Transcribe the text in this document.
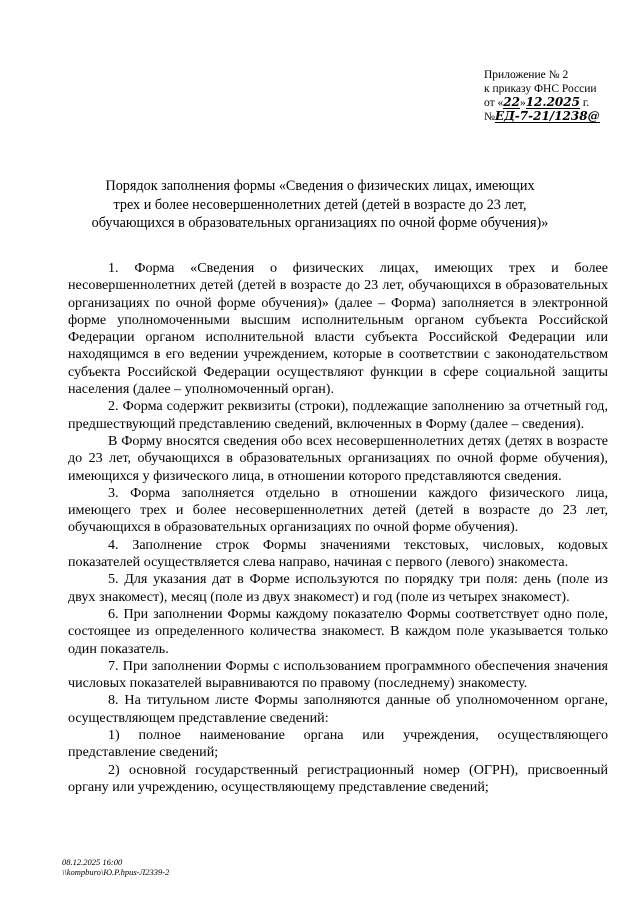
Приложение № 2
к приказу ФНС России
от «22»12.2025 г.
№ЕД-7-21/1238@
Порядок заполнения формы «Сведения о физических лицах, имеющих
трех и более несовершеннолетних детей (детей в возрасте до 23 лет,
обучающихся в образовательных организациях по очной форме обучения)»

1. Форма «Сведения о физических лицах, имеющих трех и более несовершеннолетних детей (детей в возрасте до 23 лет, обучающихся в образовательных организациях по очной форме обучения)» (далее – Форма) заполняется в электронной форме уполномоченными высшим исполнительным органом субъекта Российской Федерации органом исполнительной власти субъекта Российской Федерации или находящимся в его ведении учреждением, которые в соответствии с законодательством субъекта Российской Федерации осуществляют функции в сфере социальной защиты населения (далее – уполномоченный орган).

2. Форма содержит реквизиты (строки), подлежащие заполнению за отчетный год, предшествующий представлению сведений, включенных в Форму (далее – сведения).

В Форму вносятся сведения обо всех несовершеннолетних детях (детях в возрасте до 23 лет, обучающихся в образовательных организациях по очной форме обучения), имеющихся у физического лица, в отношении которого представляются сведения.

3. Форма заполняется отдельно в отношении каждого физического лица, имеющего трех и более несовершеннолетних детей (детей в возрасте до 23 лет, обучающихся в образовательных организациях по очной форме обучения).

4. Заполнение строк Формы значениями текстовых, числовых, кодовых показателей осуществляется слева направо, начиная с первого (левого) знакоместа.

5. Для указания дат в Форме используются по порядку три поля: день (поле из двух знакомест), месяц (поле из двух знакомест) и год (поле из четырех знакомест).

6. При заполнении Формы каждому показателю Формы соответствует одно поле, состоящее из определенного количества знакомест. В каждом поле указывается только один показатель.

7. При заполнении Формы с использованием программного обеспечения значения числовых показателей выравниваются по правому (последнему) знакоместу.

8. На титульном листе Формы заполняются данные об уполномоченном органе, осуществляющем представление сведений:

1) полное наименование органа или учреждения, осуществляющего представление сведений;

2) основной государственный регистрационный номер (ОГРН), присвоенный органу или учреждению, осуществляющему представление сведений;

08.12.2025 16:00
\\kompburo\Ю.Р.hpus-Л2339-2
